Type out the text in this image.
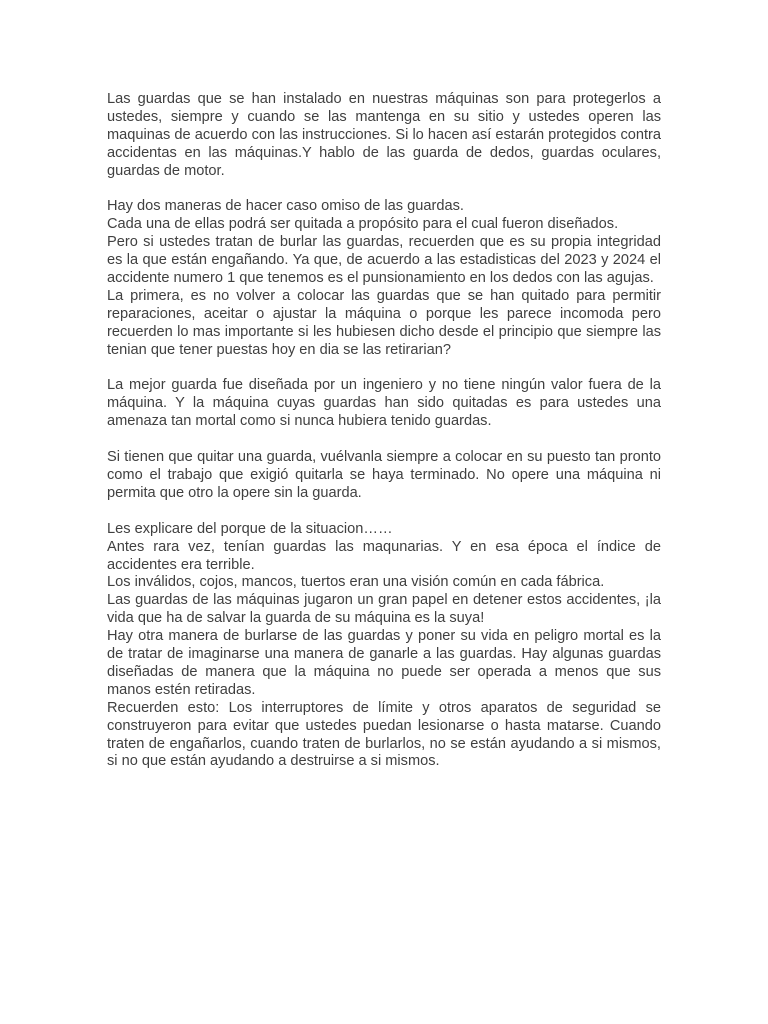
Las guardas que se han instalado en nuestras máquinas son para protegerlos a ustedes, siempre y cuando se las mantenga en su sitio y ustedes operen las maquinas de acuerdo con las instrucciones. Si lo hacen así estarán protegidos contra accidentas en las máquinas.Y hablo de las guarda de dedos, guardas oculares, guardas de motor.

Hay dos maneras de hacer caso omiso de las guardas.

Cada una de ellas podrá ser quitada a propósito para el cual fueron diseñados.

Pero si ustedes tratan de burlar las guardas, recuerden que es su propia integridad es la que están engañando. Ya que, de acuerdo a las estadisticas del 2023 y 2024 el accidente numero 1 que tenemos es el punsionamiento en los dedos con las agujas.

La primera, es no volver a colocar las guardas que se han quitado para permitir reparaciones, aceitar o ajustar la máquina o porque les parece incomoda pero recuerden lo mas importante si les hubiesen dicho desde el principio que siempre las tenian que tener puestas hoy en dia se las retirarian?

La mejor guarda fue diseñada por un ingeniero y no tiene ningún valor fuera de la máquina. Y la máquina cuyas guardas han sido quitadas es para ustedes una amenaza tan mortal como si nunca hubiera tenido guardas.

Si tienen que quitar una guarda, vuélvanla siempre a colocar en su puesto tan pronto como el trabajo que exigió quitarla se haya terminado. No opere una máquina ni permita que otro la opere sin la guarda.

Les explicare del porque de la situacion……

Antes rara vez, tenían guardas las maqunarias. Y en esa época el índice de accidentes era terrible.

Los inválidos, cojos, mancos, tuertos eran una visión común en cada fábrica.

Las guardas de las máquinas jugaron un gran papel en detener estos accidentes, ¡la vida que ha de salvar la guarda de su máquina es la suya!

Hay otra manera de burlarse de las guardas y poner su vida en peligro mortal es la de tratar de imaginarse una manera de ganarle a las guardas. Hay algunas guardas diseñadas de manera que la máquina no puede ser operada a menos que sus manos estén retiradas.

Recuerden esto: Los interruptores de límite y otros aparatos de seguridad se construyeron para evitar que ustedes puedan lesionarse o hasta matarse. Cuando traten de engañarlos, cuando traten de burlarlos, no se están ayudando a si mismos, si no que están ayudando a destruirse a si mismos.
